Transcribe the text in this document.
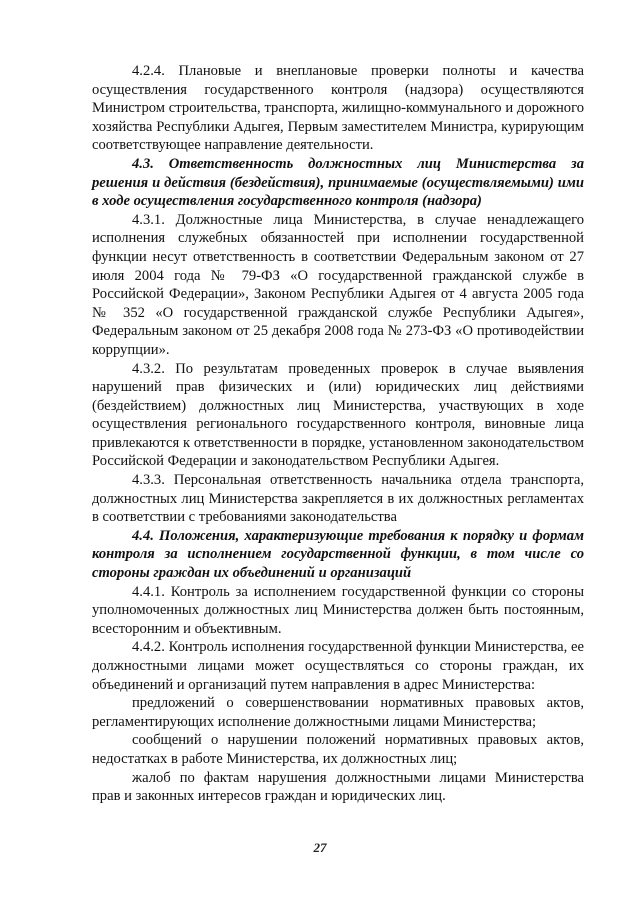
4.2.4. Плановые и внеплановые проверки полноты и качества осуществления государственного контроля (надзора) осуществляются Министром строительства, транспорта, жилищно-коммунального и дорожного хозяйства Республики Адыгея, Первым заместителем Министра, курирующим соответствующее направление деятельности.

4.3. Ответственность должностных лиц Министерства за решения и действия (бездействия), принимаемые (осуществляемыми) ими в ходе осуществления государственного контроля (надзора)

4.3.1. Должностные лица Министерства, в случае ненадлежащего исполнения служебных обязанностей при исполнении государственной функции несут ответственность в соответствии Федеральным законом от 27 июля 2004 года № 79-ФЗ «О государственной гражданской службе в Российской Федерации», Законом Республики Адыгея от 4 августа 2005 года № 352 «О государственной гражданской службе Республики Адыгея», Федеральным законом от 25 декабря 2008 года № 273-ФЗ «О противодействии коррупции».

4.3.2. По результатам проведенных проверок в случае выявления нарушений прав физических и (или) юридических лиц действиями (бездействием) должностных лиц Министерства, участвующих в ходе осуществления регионального государственного контроля, виновные лица привлекаются к ответственности в порядке, установленном законодательством Российской Федерации и законодательством Республики Адыгея.

4.3.3. Персональная ответственность начальника отдела транспорта, должностных лиц Министерства закрепляется в их должностных регламентах в соответствии с требованиями законодательства

4.4. Положения, характеризующие требования к порядку и формам контроля за исполнением государственной функции, в том числе со стороны граждан их объединений и организаций

4.4.1. Контроль за исполнением государственной функции со стороны уполномоченных должностных лиц Министерства должен быть постоянным, всесторонним и объективным.

4.4.2. Контроль исполнения государственной функции Министерства, ее должностными лицами может осуществляться со стороны граждан, их объединений и организаций путем направления в адрес Министерства:

предложений о совершенствовании нормативных правовых актов, регламентирующих исполнение должностными лицами Министерства;

сообщений о нарушении положений нормативных правовых актов, недостатках в работе Министерства, их должностных лиц;

жалоб по фактам нарушения должностными лицами Министерства прав и законных интересов граждан и юридических лиц.

27
